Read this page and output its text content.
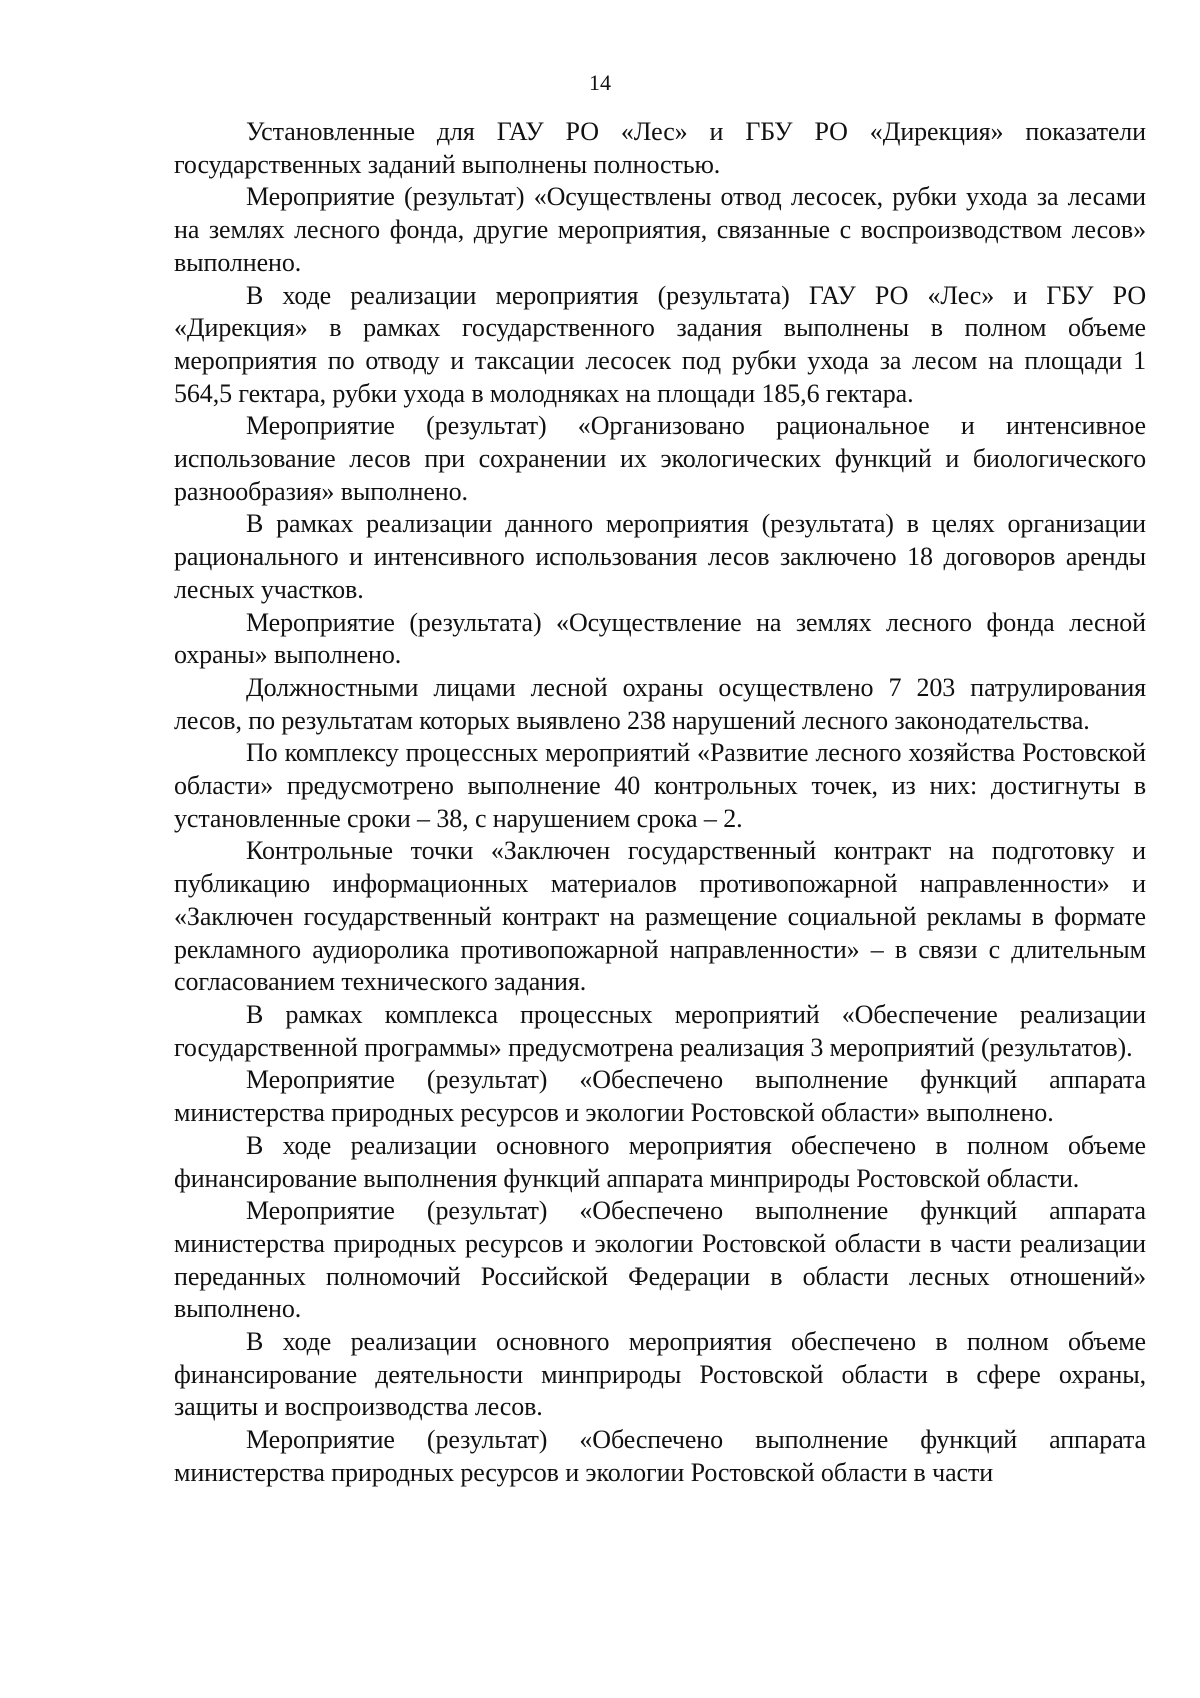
14

Установленные для ГАУ РО «Лес» и ГБУ РО «Дирекция» показатели государственных заданий выполнены полностью.

Мероприятие (результат) «Осуществлены отвод лесосек, рубки ухода за лесами на землях лесного фонда, другие мероприятия, связанные с воспроизводством лесов» выполнено.

В ходе реализации мероприятия (результата) ГАУ РО «Лес» и ГБУ РО «Дирекция» в рамках государственного задания выполнены в полном объеме мероприятия по отводу и таксации лесосек под рубки ухода за лесом на площади 1 564,5 гектара, рубки ухода в молодняках на площади 185,6 гектара.

Мероприятие (результат) «Организовано рациональное и интенсивное использование лесов при сохранении их экологических функций и биологического разнообразия» выполнено.

В рамках реализации данного мероприятия (результата) в целях организации рационального и интенсивного использования лесов заключено 18 договоров аренды лесных участков.

Мероприятие (результата) «Осуществление на землях лесного фонда лесной охраны» выполнено.

Должностными лицами лесной охраны осуществлено 7 203 патрулирования лесов, по результатам которых выявлено 238 нарушений лесного законодательства.

По комплексу процессных мероприятий «Развитие лесного хозяйства Ростовской области» предусмотрено выполнение 40 контрольных точек, из них: достигнуты в установленные сроки – 38, с нарушением срока – 2.

Контрольные точки «Заключен государственный контракт на подготовку и публикацию информационных материалов противопожарной направленности» и «Заключен государственный контракт на размещение социальной рекламы в формате рекламного аудиоролика противопожарной направленности» – в связи с длительным согласованием технического задания.

В рамках комплекса процессных мероприятий «Обеспечение реализации государственной программы» предусмотрена реализация 3 мероприятий (результатов).

Мероприятие (результат) «Обеспечено выполнение функций аппарата министерства природных ресурсов и экологии Ростовской области» выполнено.

В ходе реализации основного мероприятия обеспечено в полном объеме финансирование выполнения функций аппарата минприроды Ростовской области.

Мероприятие (результат) «Обеспечено выполнение функций аппарата министерства природных ресурсов и экологии Ростовской области в части реализации переданных полномочий Российской Федерации в области лесных отношений» выполнено.

В ходе реализации основного мероприятия обеспечено в полном объеме финансирование деятельности минприроды Ростовской области в сфере охраны, защиты и воспроизводства лесов.

Мероприятие (результат) «Обеспечено выполнение функций аппарата министерства природных ресурсов и экологии Ростовской области в части
